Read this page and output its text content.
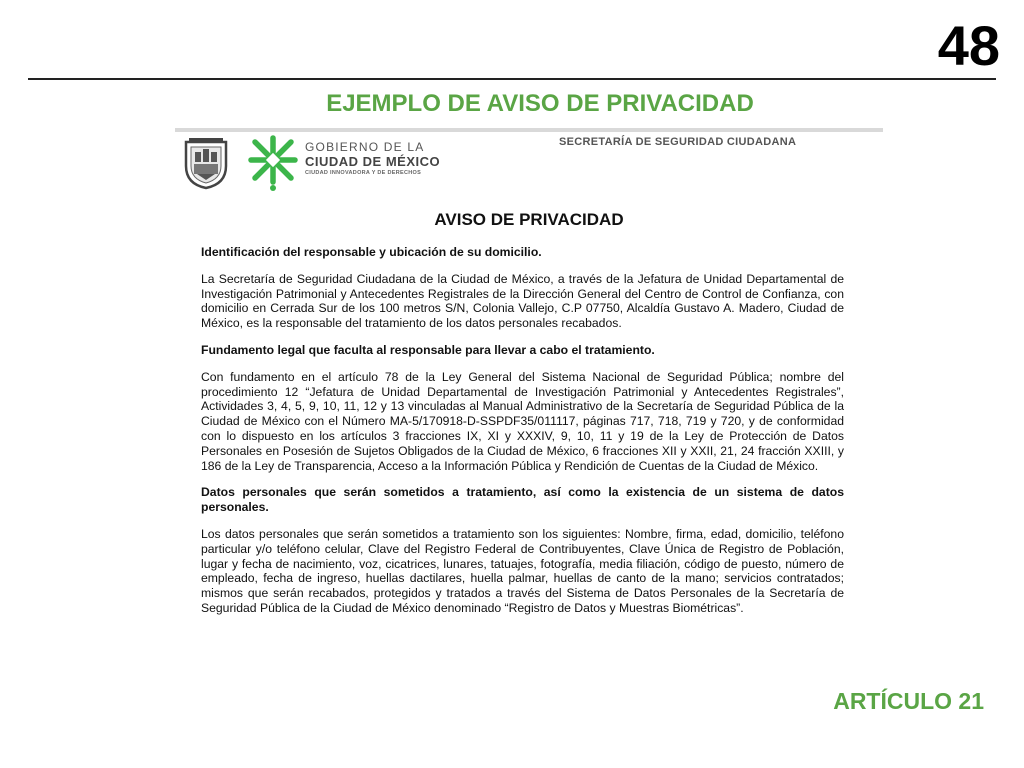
48
EJEMPLO DE AVISO DE PRIVACIDAD
GOBIERNO DE LA
CIUDAD DE MÉXICO
CIUDAD INNOVADORA Y DE DERECHOS
SECRETARÍA DE SEGURIDAD CIUDADANA
AVISO DE PRIVACIDAD

Identificación del responsable y ubicación de su domicilio.

La Secretaría de Seguridad Ciudadana de la Ciudad de México, a través de la Jefatura de Unidad Departamental de Investigación Patrimonial y Antecedentes Registrales de la Dirección General del Centro de Control de Confianza, con domicilio en Cerrada Sur de los 100 metros S/N, Colonia Vallejo, C.P 07750, Alcaldía Gustavo A. Madero, Ciudad de México, es la responsable del tratamiento de los datos personales recabados.

Fundamento legal que faculta al responsable para llevar a cabo el tratamiento.

Con fundamento en el artículo 78 de la Ley General del Sistema Nacional de Seguridad Pública; nombre del procedimiento 12 “Jefatura de Unidad Departamental de Investigación Patrimonial y Antecedentes Registrales”, Actividades 3, 4, 5, 9, 10, 11, 12 y 13 vinculadas al Manual Administrativo de la Secretaría de Seguridad Pública de la Ciudad de México con el Número MA-5/170918-D-SSPDF35/011117, páginas 717, 718, 719 y 720, y de conformidad con lo dispuesto en los artículos 3 fracciones IX, XI y XXXIV, 9, 10, 11 y 19 de la Ley de Protección de Datos Personales en Posesión de Sujetos Obligados de la Ciudad de México, 6 fracciones XII y XXII, 21, 24 fracción XXIII, y 186 de la Ley de Transparencia, Acceso a la Información Pública y Rendición de Cuentas de la Ciudad de México.

Datos personales que serán sometidos a tratamiento, así como la existencia de un sistema de datos personales.

Los datos personales que serán sometidos a tratamiento son los siguientes: Nombre, firma, edad, domicilio, teléfono particular y/o teléfono celular, Clave del Registro Federal de Contribuyentes, Clave Única de Registro de Población, lugar y fecha de nacimiento, voz, cicatrices, lunares, tatuajes, fotografía, media filiación, código de puesto, número de empleado, fecha de ingreso, huellas dactilares, huella palmar, huellas de canto de la mano; servicios contratados; mismos que serán recabados, protegidos y tratados a través del Sistema de Datos Personales de la Secretaría de Seguridad Pública de la Ciudad de México denominado “Registro de Datos y Muestras Biométricas”.

ARTÍCULO 21
